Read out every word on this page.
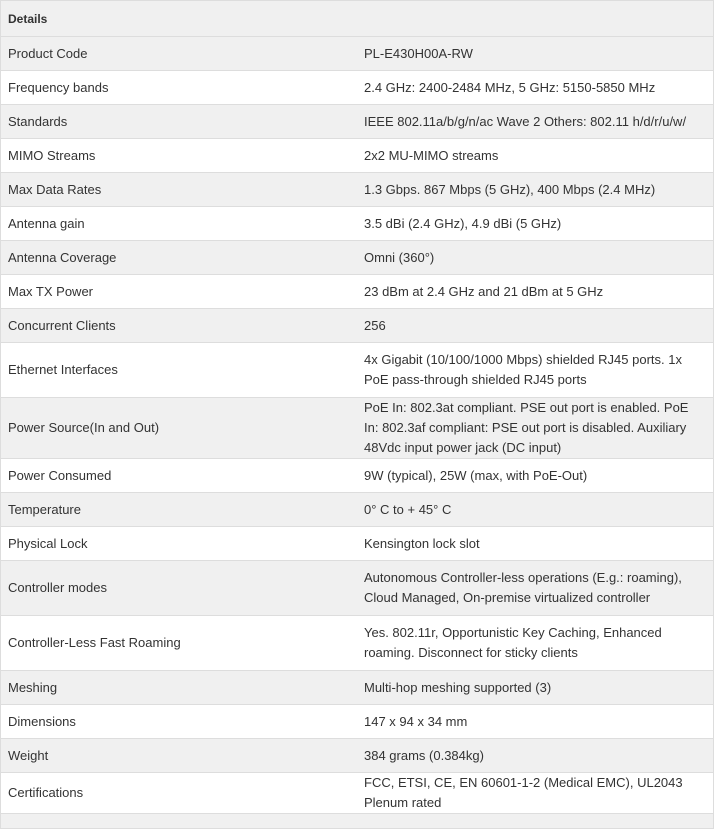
Details	
Product Code	PL-E430H00A-RW
Frequency bands	2.4 GHz: 2400-2484 MHz, 5 GHz: 5150-5850 MHz
Standards	IEEE 802.11a/b/g/n/ac Wave 2 Others: 802.11 h/d/r/u/w/
MIMO Streams	2x2 MU-MIMO streams
Max Data Rates	1.3 Gbps. 867 Mbps (5 GHz), 400 Mbps (2.4 MHz)
Antenna gain	3.5 dBi (2.4 GHz), 4.9 dBi (5 GHz)
Antenna Coverage	Omni (360°)
Max TX Power	23 dBm at 2.4 GHz and 21 dBm at 5 GHz
Concurrent Clients	256
Ethernet Interfaces	4x Gigabit (10/100/1000 Mbps) shielded RJ45 ports. 1x PoE pass-through shielded RJ45 ports
Power Source(In and Out)	PoE In: 802.3at compliant. PSE out port is enabled. PoE In: 802.3af compliant: PSE out port is disabled. Auxiliary 48Vdc input power jack (DC input)
Power Consumed	9W (typical), 25W (max, with PoE-Out)
Temperature	0° C to + 45° C
Physical Lock	Kensington lock slot
Controller modes	Autonomous Controller-less operations (E.g.: roaming), Cloud Managed, On-premise virtualized controller
Controller-Less Fast Roaming	Yes. 802.11r, Opportunistic Key Caching, Enhanced roaming. Disconnect for sticky clients
Meshing	Multi-hop meshing supported (3)
Dimensions	147 x 94 x 34 mm
Weight	384 grams (0.384kg)
Certifications	FCC, ETSI, CE, EN 60601-1-2 (Medical EMC), UL2043 Plenum rated
